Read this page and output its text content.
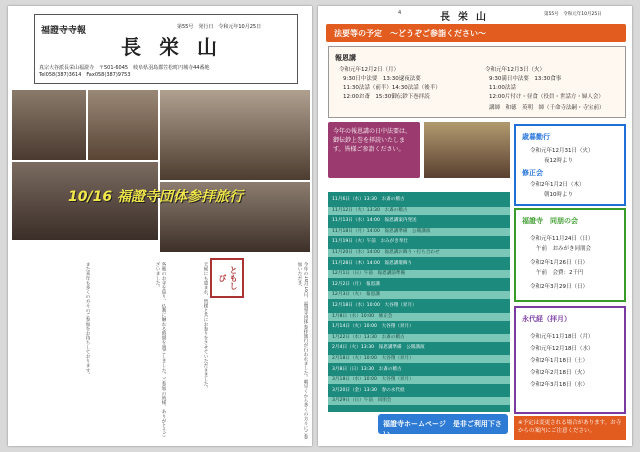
福證寺寺報	第55号　発行日　令和元年10月25日
長栄山
真宗大谷派長栄山福證寺　〒501-6045　岐阜県羽島郡笠松町円城寺44番地
Tel058(387)3614　Fax058(387)9753
10/16 福證寺団体参拝旅行
ともしび	今年の10月16日、福證寺団体参拝旅行が行われました。朝早くから多くの方々にご参加いただき、
天候にも恵まれ、皆様と共にお参りをさせていただきました。
各地のお寺を巡り、仏教に触れる時間を過ごしました。ご参加の皆様、ありがとうございました。
また来年も多くの方々のご参加をお待ちしております。
4	長栄山	第55号　令和元年10月25日
法要等の予定　～どうぞご参詣ください～
報恩講
令和元年12月2日（月）
9:30日中法要　13:30逮夜法要
11:30法話（前半）14:30法話（後半）
12:00お斎　15:30御伝鈔下巻拝読
令和元年12月3日（火）
9:30満日中法要　13:30食事
11:00法話
12:00片付け・昼食（役員・世話方・婦人会）
講師　和徳　英明　師（千命寺法嗣・寺宝前）
今年の報恩講の日中法要は、御伝鈔上巻を拝読いたします。皆様ご参詣ください。
11月6日（水）13:30　お斎の稽古
11月12日（火）13:30　お斎の稽古
11月13日（水）14:00　報恩講案内発送
11月18日（月）14:00　報恩講準備　公開講演
11月19日（火）午前　おみがき奉仕
11月20日（水）14:00　報恩講お飾り・打ち合わせ
11月28日（木）14:00　報恩講壇飾り
12月1日（日）午前　報恩講前準備
12月2日（月）　報恩講
12月3日（火）　報恩講
12月18日（水）10:00　大谷翔（昇月）
1月8日（水）10:00　修正会
1月14日（火）10:00　大谷翔（昇月）
1月22日（水）13:30　お斎の稽古
2月4日（火）13:30　報恩講準備　公開講演
2月18日（火）10:00　大谷翔（昇月）
3月8日（日）13:30　お斎の稽古
3月18日（水）10:00　大谷翔（昇月）
3月20日（金）13:30　春の永代経
3月29日（日）午前　同朋会
歳暮勤行
令和元年12月31日（火）
夜12時より
修正会
令和2年1月2日（木）
朝10時より
福證寺　同朋の会
令和元年11月24日（日）
午前　おみがき同朋会
令和2年1月26日（日）
午前　会費：2千円
令和2年3月29日（日）
永代経（拝月）
令和元年11月18日（月）
令和元年12月18日（水）
令和2年1月18日（土）
令和2年2月18日（火）
令和2年3月18日（水）
福證寺ホームページ　是非ご利用下さい
※予定は変更される場合があります。お寺からの案内にご注意ください。
